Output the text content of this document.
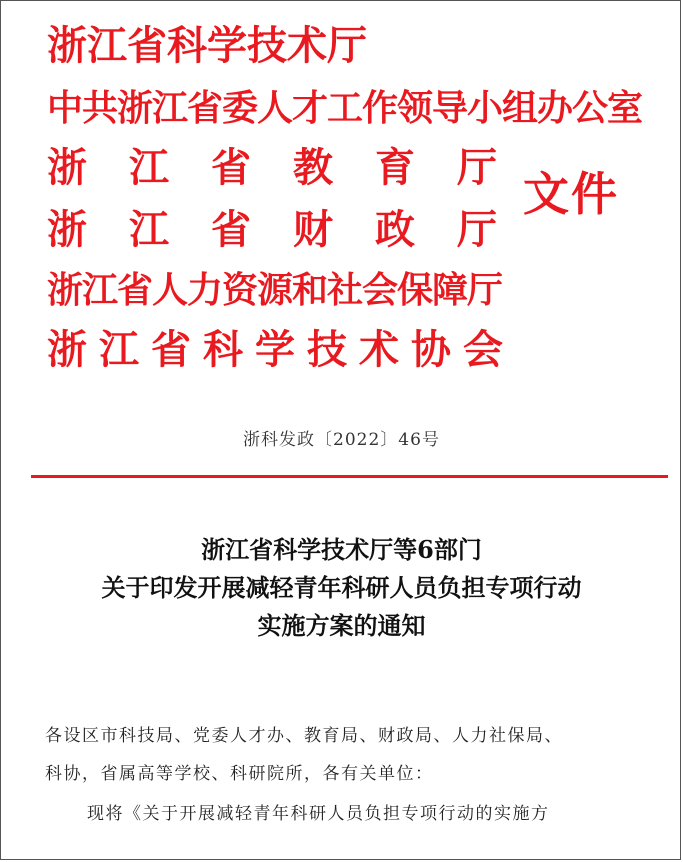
浙江省科学技术厅
中共浙江省委人才工作领导小组办公室
浙江省教育厅
浙江省财政厅
浙江省人力资源和社会保障厅
浙江省科学技术协会
文件
浙科发政〔2022〕46号
浙江省科学技术厅等6部门
关于印发开展减轻青年科研人员负担专项行动
实施方案的通知
各设区市科技局、党委人才办、教育局、财政局、人力社保局、
科协，省属高等学校、科研院所，各有关单位：
现将《关于开展减轻青年科研人员负担专项行动的实施方
